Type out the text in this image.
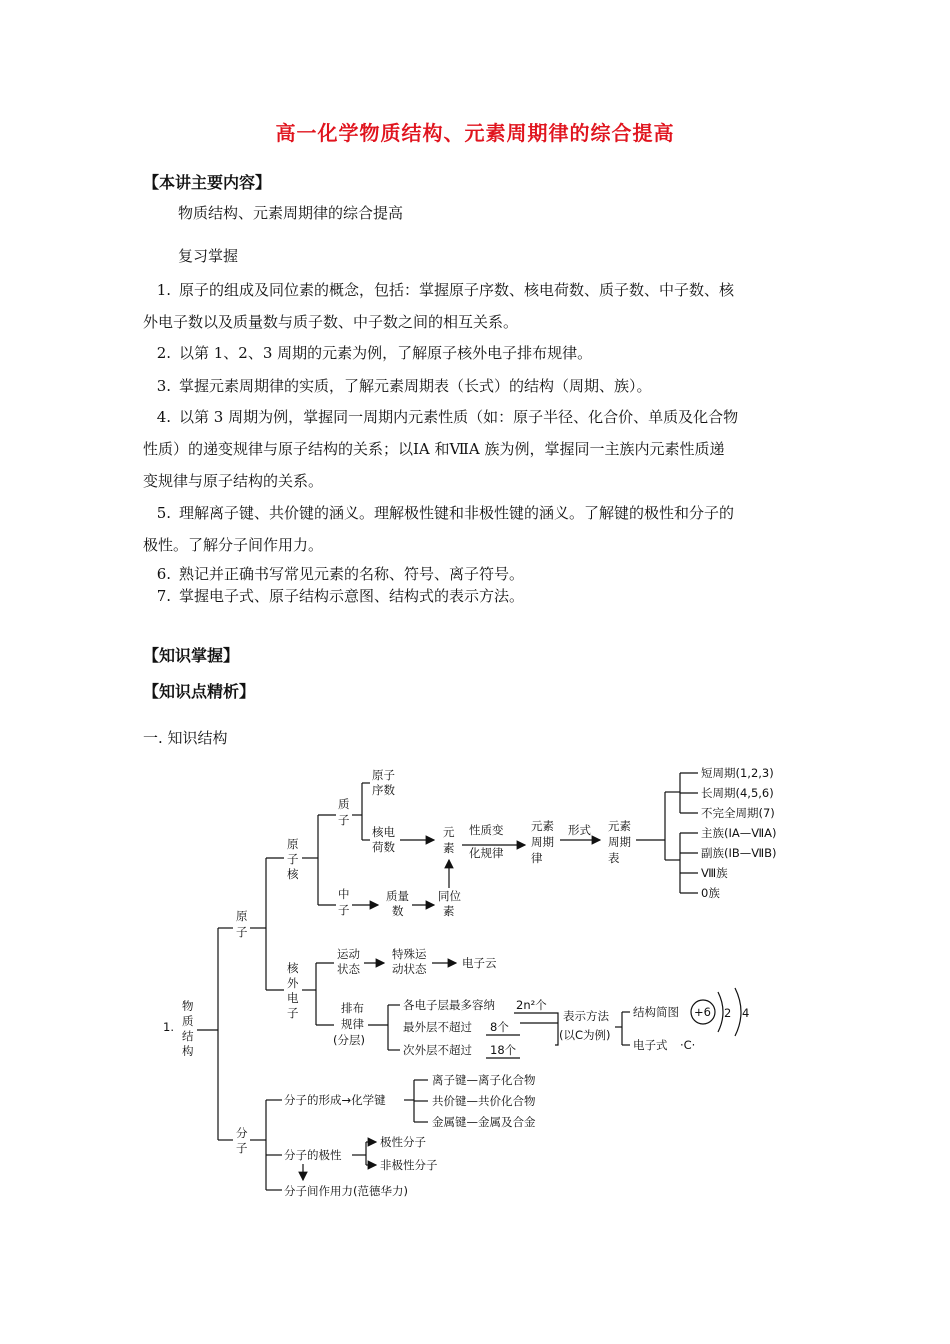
高一化学物质结构、元素周期律的综合提高
【本讲主要内容】
物质结构、元素周期律的综合提高
复习掌握
1. 原子的组成及同位素的概念，包括：掌握原子序数、核电荷数、质子数、中子数、核
外电子数以及质量数与质子数、中子数之间的相互关系。
2. 以第 1、2、3 周期的元素为例，了解原子核外电子排布规律。
3. 掌握元素周期律的实质，了解元素周期表（长式）的结构（周期、族）。
4. 以第 3 周期为例，掌握同一周期内元素性质（如：原子半径、化合价、单质及化合物
性质）的递变规律与原子结构的关系；以ⅠA 和ⅦA 族为例，掌握同一主族内元素性质递
变规律与原子结构的关系。
5. 理解离子键、共价键的涵义。理解极性键和非极性键的涵义。了解键的极性和分子的
极性。了解分子间作用力。
6. 熟记并正确书写常见元素的名称、符号、离子符号。
7. 掌握电子式、原子结构示意图、结构式的表示方法。
【知识掌握】
【知识点精析】
一. 知识结构
1.
物
质
结
构
原
子
原
子
核
质
子
原子
序数
核电
荷数
中
子
质量
数
元
素
同位
素
性质变
化规律
元素
周期
律
形式 元素
周期
表
短周期(1,2,3)
长周期(4,5,6)
不完全周期(7)
主族(ⅠA—ⅦA)
副族(ⅠB—ⅦB)
Ⅷ族
0族
核
外
电
子
运动
状态
特殊运
动状态	电子云
排布
规律
(分层)
各电子层最多容纳
最外层不超过
次外层不超过
2n²个
8个
18个
表示方法
(以C为例)
结构简图 +6 2 4
电子式 ·C·
分
子
分子的形成→化学键
离子键—离子化合物
共价键—共价化合物
金属键—金属及合金
分子的极性
极性分子
非极性分子
分子间作用力(范德华力)
